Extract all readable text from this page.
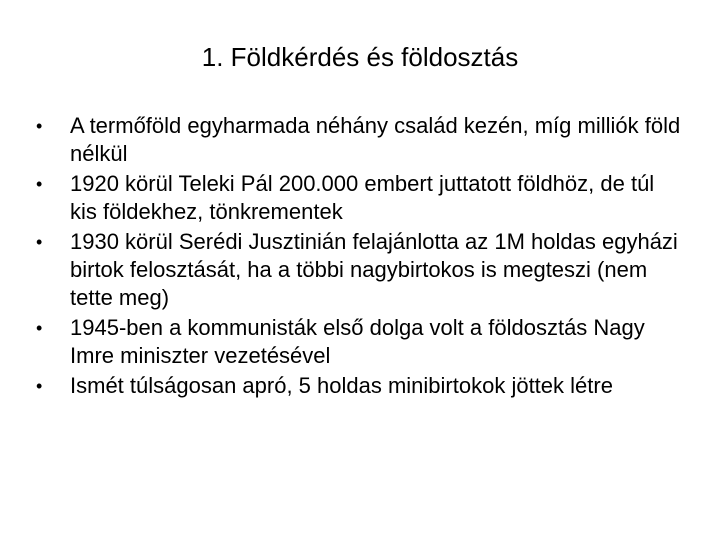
1. Földkérdés és földosztás
•	A termőföld egyharmada néhány család kezén, míg milliók föld nélkül
•	1920 körül Teleki Pál 200.000 embert juttatott földhöz, de túl kis földekhez, tönkrementek
•	1930 körül Serédi Jusztinián felajánlotta az 1M holdas egyházi birtok felosztását, ha a többi nagybirtokos is megteszi (nem tette meg)
•	1945-ben a kommunisták első dolga volt a földosztás Nagy Imre miniszter vezetésével
•	Ismét túlságosan apró, 5 holdas minibirtokok jöttek létre
